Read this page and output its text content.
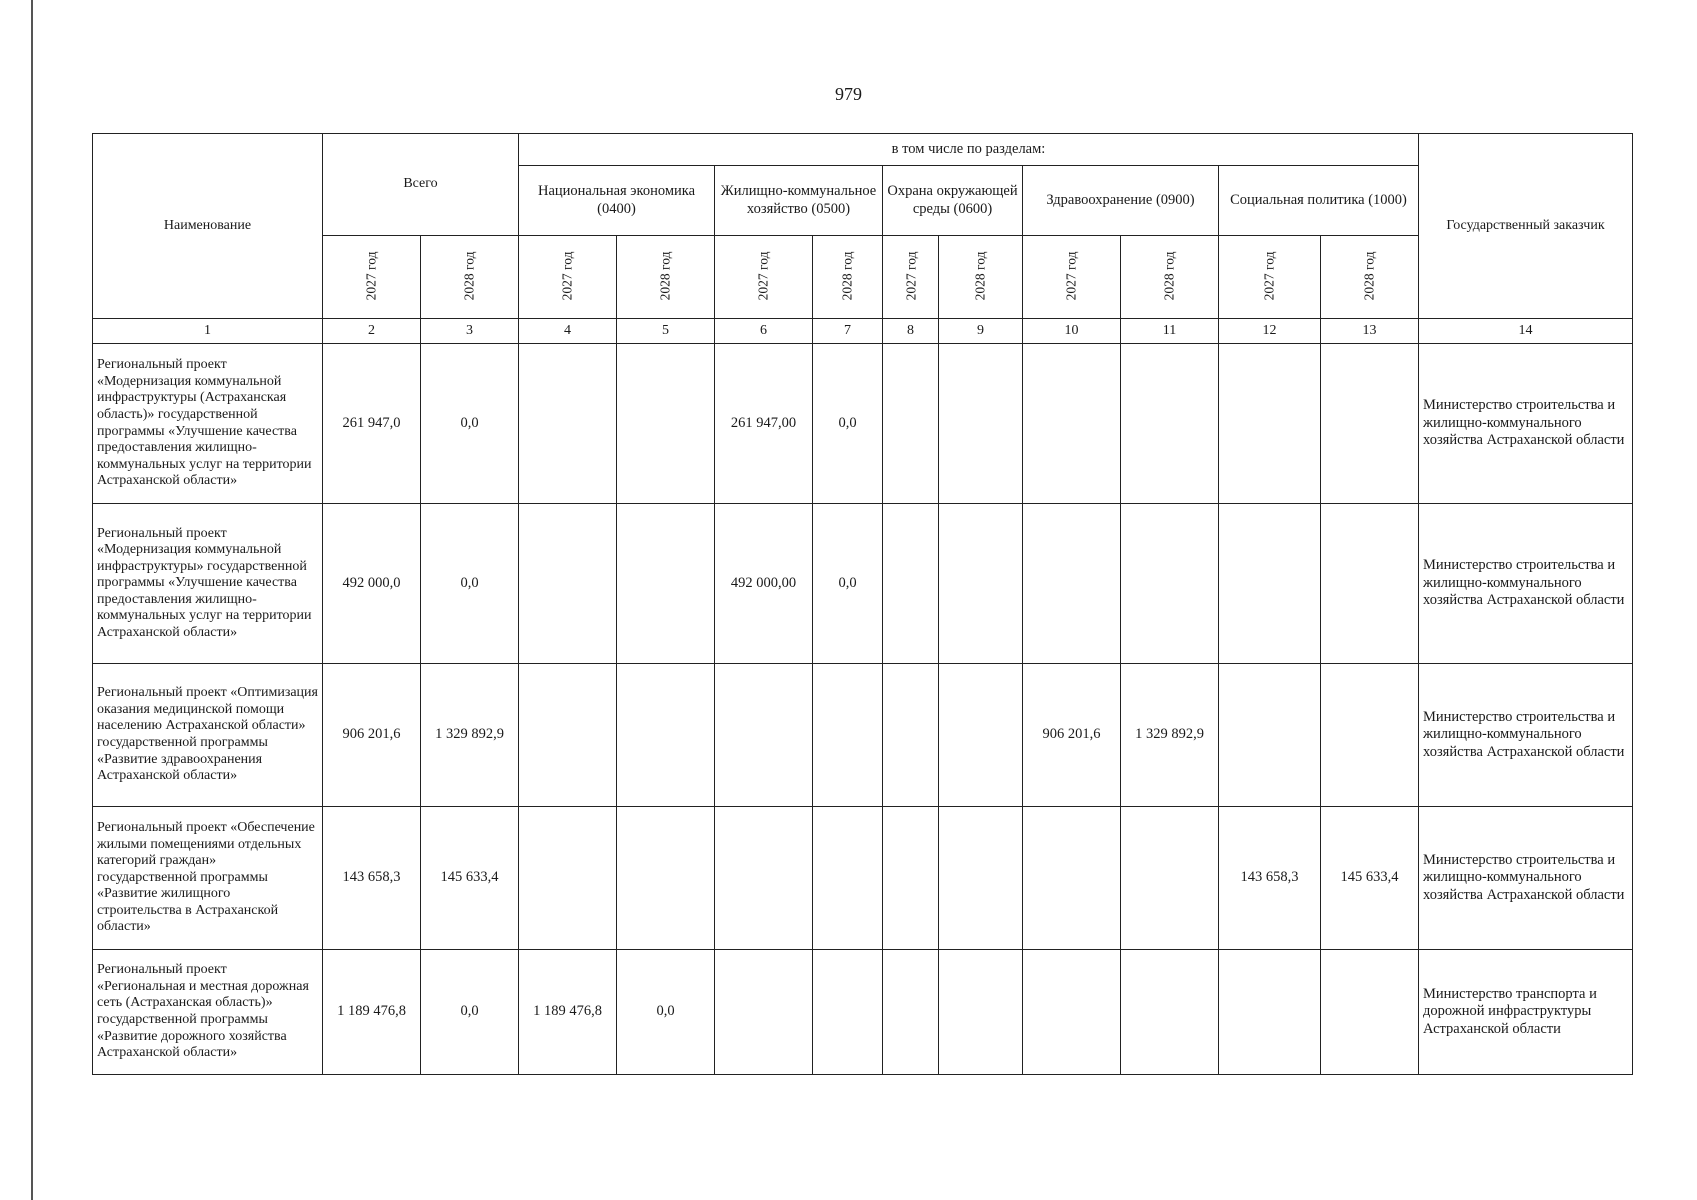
979
Наименование	Всего		в том числе по разделам:										Государственный заказчик
			Национальная экономика (0400)		Жилищно-коммунальное хозяйство (0500)		Охрана окружающей среды (0600)		Здравоохранение (0900)		Социальная политика (1000)		
	2027 год	2028 год	2027 год	2028 год	2027 год	2028 год	2027 год	2028 год	2027 год	2028 год	2027 год	2028 год	
1	2	3	4	5	6	7	8	9	10	11	12	13	14
Региональный проект «Модернизация коммунальной инфраструктуры (Астраханская область)» государственной программы «Улучшение качества предоставления жилищно-коммунальных услуг на территории Астраханской области»	261 947,0	0,0			261 947,00	0,0							Министерство строительства и жилищно-коммунального хозяйства Астраханской области
Региональный проект «Модернизация коммунальной инфраструктуры» государственной программы «Улучшение качества предоставления жилищно-коммунальных услуг на территории Астраханской области»	492 000,0	0,0			492 000,00	0,0							Министерство строительства и жилищно-коммунального хозяйства Астраханской области
Региональный проект «Оптимизация оказания медицинской помощи населению Астраханской области» государственной программы «Развитие здравоохранения Астраханской области»	906 201,6	1 329 892,9							906 201,6	1 329 892,9			Министерство строительства и жилищно-коммунального хозяйства Астраханской области
Региональный проект «Обеспечение жилыми помещениями отдельных категорий граждан» государственной программы «Развитие жилищного строительства в Астраханской области»	143 658,3	145 633,4									143 658,3	145 633,4	Министерство строительства и жилищно-коммунального хозяйства Астраханской области
Региональный проект «Региональная и местная дорожная сеть (Астраханская область)» государственной программы «Развитие дорожного хозяйства Астраханской области»	1 189 476,8	0,0	1 189 476,8	0,0									Министерство транспорта и дорожной инфраструктуры Астраханской области
